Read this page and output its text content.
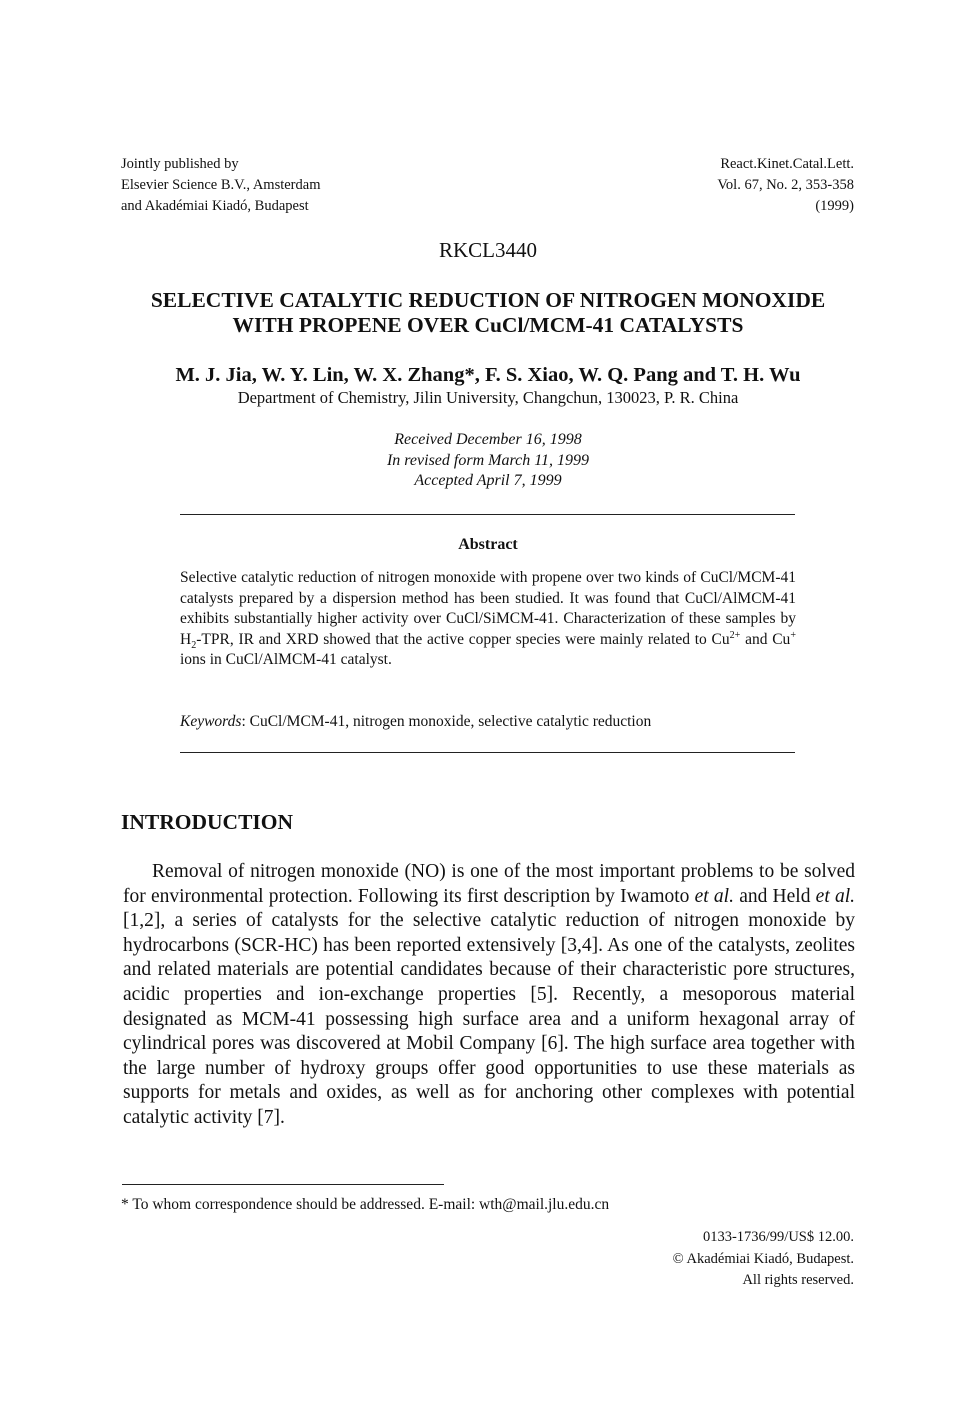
Jointly published by
Elsevier Science B.V., Amsterdam
and Akadémiai Kiadó, Budapest
React.Kinet.Catal.Lett.
Vol. 67, No. 2, 353-358
(1999)
RKCL3440
SELECTIVE CATALYTIC REDUCTION OF NITROGEN MONOXIDE
WITH PROPENE OVER CuCl/MCM-41 CATALYSTS
M. J. Jia, W. Y. Lin, W. X. Zhang*, F. S. Xiao, W. Q. Pang and T. H. Wu
Department of Chemistry, Jilin University, Changchun, 130023, P. R. China
Received December 16, 1998
In revised form March 11, 1999
Accepted April 7, 1999
Abstract
Selective catalytic reduction of nitrogen monoxide with propene over two kinds of CuCl/MCM-41 catalysts prepared by a dispersion method has been studied. It was found that CuCl/AlMCM-41 exhibits substantially higher activity over CuCl/SiMCM-41. Characterization of these samples by $H_2$-TPR, IR and XRD showed that the active copper species were mainly related to $Cu^{2+}$ and Cu+ ions in CuCl/AlMCM-41 catalyst.
Keywords: CuCl/MCM-41, nitrogen monoxide, selective catalytic reduction
INTRODUCTION
Removal of nitrogen monoxide (NO) is one of the most important problems to be solved for environmental protection. Following its first description by Iwamoto et al. and Held et al. [1,2], a series of catalysts for the selective catalytic reduction of nitrogen monoxide by hydrocarbons (SCR-HC) has been reported extensively [3,4]. As one of the catalysts, zeolites and related materials are potential candidates because of their characteristic pore structures, acidic properties and ion-exchange properties [5]. Recently, a mesoporous material designated as MCM-41 possessing high surface area and a uniform hexagonal array of cylindrical pores was discovered at Mobil Company [6]. The high surface area together with the large number of hydroxy groups offer good opportunities to use these materials as supports for metals and oxides, as well as for anchoring other complexes with potential catalytic activity [7].
* To whom correspondence should be addressed. E-mail: wth@mail.jlu.edu.cn
0133-1736/99/US$ 12.00.
© Akadémiai Kiadó, Budapest.
All rights reserved.
